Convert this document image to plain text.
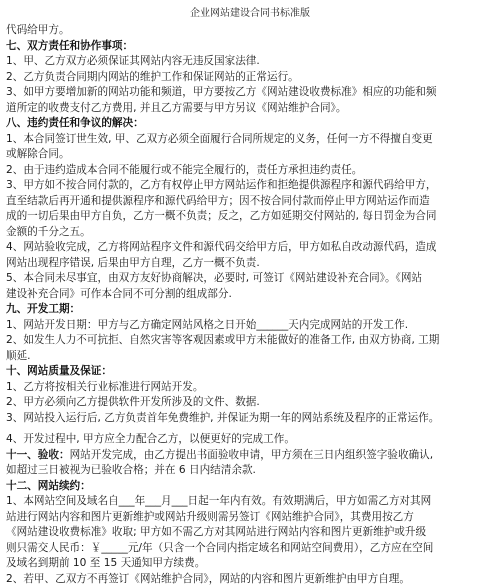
企业网站建设合同书标准版
代码给甲方。
七、双方责任和协作事项：
1、甲、乙方双方必须保证其网站内容无违反国家法律.
2、乙方负责合同期内网站的维护工作和保证网站的正常运行。
3、如甲方要增加新的网站功能和频道，甲方要按乙方《网站建设收费标准》相应的功能和频
道所定的收费支付乙方费用, 并且乙方需要与甲方另议《网站维护合同》。
八、违约责任和争议的解决：
1、本合同签订世生效, 甲、乙双方必须全面履行合同所规定的义务，任何一方不得擅自变更
或解除合同。
2、由于违约造成本合同不能履行或不能完全履行的，责任方承担违约责任。
3、甲方如不按合同付款的，乙方有权停止甲方网站运作和拒绝提供源程序和源代码给甲方，
直至结款后再开通和提供源程序和源代码给甲方；因不按合同付款而停止甲方网站运作而造
成的一切后果由甲方自负，乙方一概不负责；反之，乙方如延期交付网站的, 每日罚金为合同
金额的千分之五。
4、网站验收完成，乙方将网站程序文件和源代码交给甲方后，甲方如私自改动源代码，造成
网站出现程序错误, 后果由甲方自理，乙方一概不负责.
5、本合同未尽事宜，由双方友好协商解决，必要时, 可签订《网站建设补充合同》。《网站
建设补充合同》可作本合同不可分割的组成部分.
九、开发工期：
1、网站开发日期：甲方与乙方确定网站风格之日开始______天内完成网站的开发工作.
2、如发生人力不可抗拒、自然灾害等客观因素或甲方未能做好的准备工作, 由双方协商, 工期
顺延.
十、网站质量及保证：
1、乙方将按相关行业标准进行网站开发。
2、甲方必须向乙方提供软件开发所涉及的文件、数据.
3、网站投入运行后, 乙方负责首年免费维护, 并保证为期一年的网站系统及程序的正常运作。
4、开发过程中, 甲方应全力配合乙方，以便更好的完成工作。
十一、验收：网站开发完成，由乙方提出书面验收申请，甲方须在三日内组织签字验收确认,
如超过三日被视为已验收合格；并在 6 日内结清余款.
十二、网站续约：
1、本网站空间及域名自___年___月___日起一年内有效。有效期满后，甲方如需乙方对其网
站进行网站内容和图片更新维护或网站升级则需另签订《网站维护合同》，其费用按乙方
《网站建设收费标准》收取; 甲方如不需乙方对其网站进行网站内容和图片更新维护或升级
则只需交人民币：￥_____元/年（只含一个合同内指定域名和网站空间费用），乙方应在空间
及域名到期前 10 至 15 天通知甲方续费。
2、若甲、乙双方不再签订《网站维护合同》，网站的内容和图片更新维护由甲方自理。
